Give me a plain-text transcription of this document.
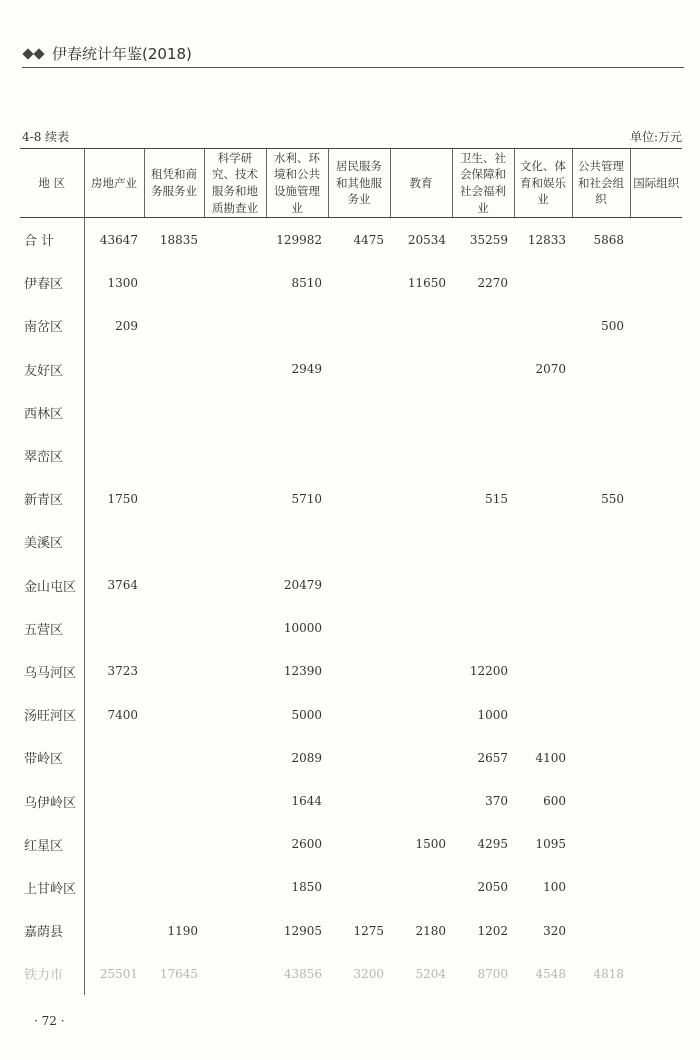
伊春统计年鉴(2018)
4-8 续表	单位:万元
地 区	房地产业	租凭和商务服务业	科学研究、技术服务和地质勘查业	水利、环境和公共设施管理业	居民服务和其他服务业	教育	卫生、社会保障和社会福利业	文化、体育和娱乐业	公共管理和社会组织	国际组织
合 计	43647	18835		129982	4475	20534	35259	12833	5868	
伊春区	1300			8510		11650	2270			
南岔区	209								500	
友好区				2949				2070		
西林区										
翠峦区										
新青区	1750			5710			515		550	
美溪区										
金山屯区	3764			20479						
五营区				10000						
乌马河区	3723			12390			12200			
汤旺河区	7400			5000			1000			
带岭区				2089			2657	4100		
乌伊岭区				1644			370	600		
红星区				2600		1500	4295	1095		
上甘岭区				1850			2050	100		
嘉荫县		1190		12905	1275	2180	1202	320		
铁力市	25501	17645		43856	3200	5204	8700	4548	4818	
· 72 ·
